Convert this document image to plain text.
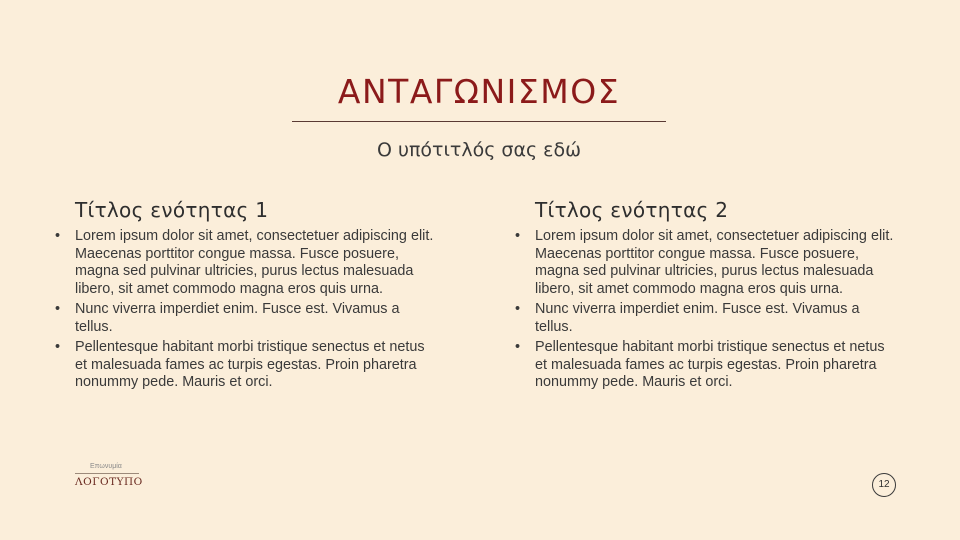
ΑΝΤΑΓΩΝΙΣΜΟΣ
Ο υπότιτλός σας εδώ
Τίτλος ενότητας 1
•	Lorem ipsum dolor sit amet, consectetuer adipiscing elit. Maecenas porttitor congue massa. Fusce posuere, magna sed pulvinar ultricies, purus lectus malesuada libero, sit amet commodo magna eros quis urna.
•	Nunc viverra imperdiet enim. Fusce est. Vivamus a tellus.
•	Pellentesque habitant morbi tristique senectus et netus et malesuada fames ac turpis egestas. Proin pharetra nonummy pede. Mauris et orci.
Τίτλος ενότητας 2
•	Lorem ipsum dolor sit amet, consectetuer adipiscing elit. Maecenas porttitor congue massa. Fusce posuere, magna sed pulvinar ultricies, purus lectus malesuada libero, sit amet commodo magna eros quis urna.
•	Nunc viverra imperdiet enim. Fusce est. Vivamus a tellus.
•	Pellentesque habitant morbi tristique senectus et netus et malesuada fames ac turpis egestas. Proin pharetra nonummy pede. Mauris et orci.
Επωνυμία
ΛΟΓΟΤΥΠΟ	12
